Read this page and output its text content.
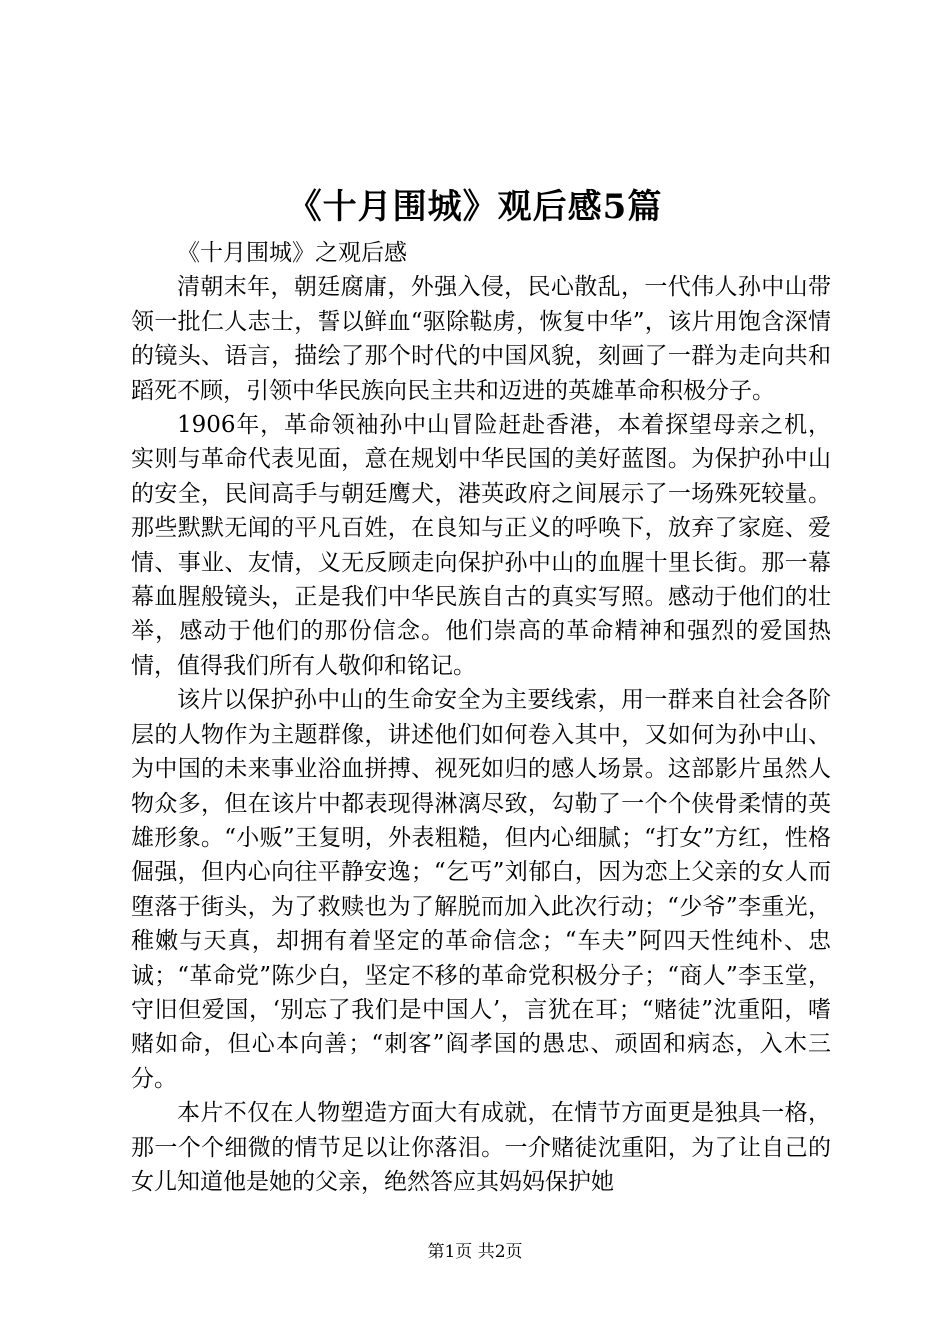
《十月围城》观后感5篇

《十月围城》之观后感

清朝末年，朝廷腐庸，外强入侵，民心散乱，一代伟人孙中山带领一批仁人志士，誓以鲜血“驱除鞑虏，恢复中华”，该片用饱含深情的镜头、语言，描绘了那个时代的中国风貌，刻画了一群为走向共和蹈死不顾，引领中华民族向民主共和迈进的英雄革命积极分子。

1906年，革命领袖孙中山冒险赶赴香港，本着探望母亲之机，实则与革命代表见面，意在规划中华民国的美好蓝图。为保护孙中山的安全，民间高手与朝廷鹰犬，港英政府之间展示了一场殊死较量。那些默默无闻的平凡百姓，在良知与正义的呼唤下，放弃了家庭、爱情、事业、友情，义无反顾走向保护孙中山的血腥十里长街。那一幕幕血腥般镜头，正是我们中华民族自古的真实写照。感动于他们的壮举，感动于他们的那份信念。他们崇高的革命精神和强烈的爱国热情，值得我们所有人敬仰和铭记。

该片以保护孙中山的生命安全为主要线索，用一群来自社会各阶层的人物作为主题群像，讲述他们如何卷入其中，又如何为孙中山、为中国的未来事业浴血拼搏、视死如归的感人场景。这部影片虽然人物众多，但在该片中都表现得淋漓尽致，勾勒了一个个侠骨柔情的英雄形象。“小贩”王复明，外表粗糙，但内心细腻；“打女”方红，性格倔强，但内心向往平静安逸；“乞丐”刘郁白，因为恋上父亲的女人而堕落于街头，为了救赎也为了解脱而加入此次行动；“少爷”李重光，稚嫩与天真，却拥有着坚定的革命信念；“车夫”阿四天性纯朴、忠诚；“革命党”陈少白，坚定不移的革命党积极分子；“商人”李玉堂，守旧但爱国，‘别忘了我们是中国人’，言犹在耳；“赌徒”沈重阳，嗜赌如命，但心本向善；“刺客”阎孝国的愚忠、顽固和病态，入木三分。

本片不仅在人物塑造方面大有成就，在情节方面更是独具一格，那一个个细微的情节足以让你落泪。一介赌徒沈重阳，为了让自己的女儿知道他是她的父亲，绝然答应其妈妈保护她

第1页 共2页
